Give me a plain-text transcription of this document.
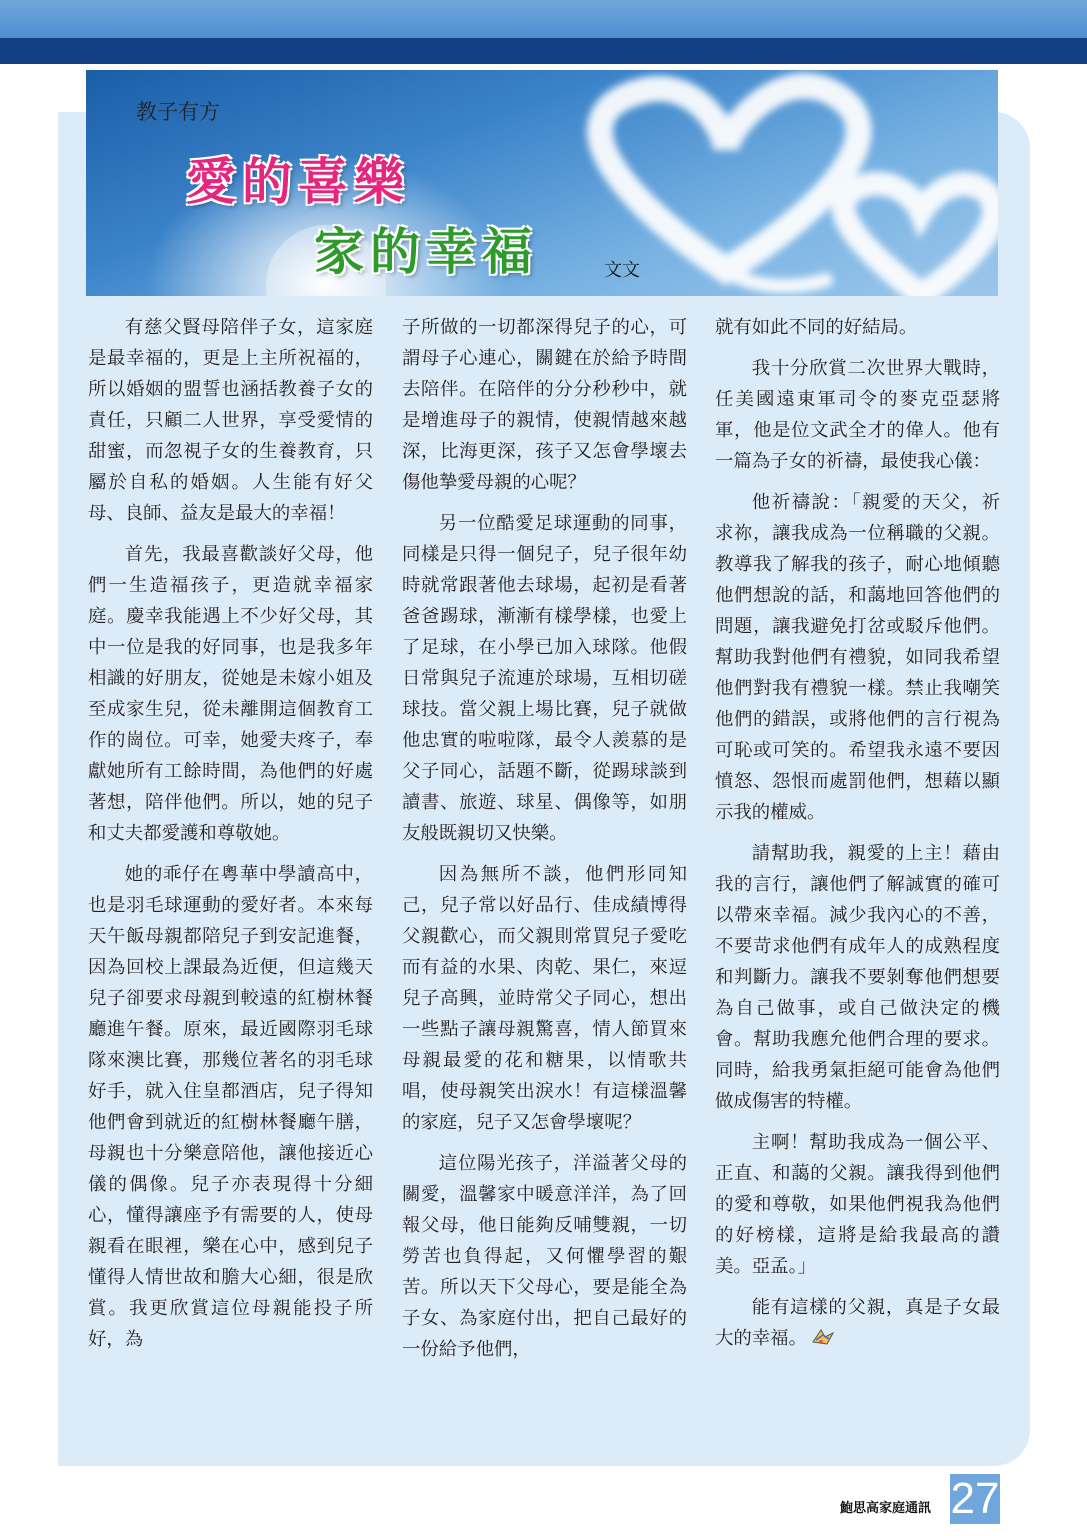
教子有方
愛的喜樂
家的幸福	文文

有慈父賢母陪伴子女，這家庭是最幸福的，更是上主所祝福的，所以婚姻的盟誓也涵括教養子女的責任，只顧二人世界，享受愛情的甜蜜，而忽視子女的生養教育，只屬於自私的婚姻。人生能有好父母、良師、益友是最大的幸福！

首先，我最喜歡談好父母，他們一生造福孩子，更造就幸福家庭。慶幸我能遇上不少好父母，其中一位是我的好同事，也是我多年相識的好朋友，從她是未嫁小姐及至成家生兒，從未離開這個教育工作的崗位。可幸，她愛夫疼子，奉獻她所有工餘時間，為他們的好處著想，陪伴他們。所以，她的兒子和丈夫都愛護和尊敬她。

她的乖仔在粵華中學讀高中，也是羽毛球運動的愛好者。本來每天午飯母親都陪兒子到安記進餐，因為回校上課最為近便，但這幾天兒子卻要求母親到較遠的紅樹林餐廳進午餐。原來，最近國際羽毛球隊來澳比賽，那幾位著名的羽毛球好手，就入住皇都酒店，兒子得知他們會到就近的紅樹林餐廳午膳，母親也十分樂意陪他，讓他接近心儀的偶像。兒子亦表現得十分細心，懂得讓座予有需要的人，使母親看在眼裡，樂在心中，感到兒子懂得人情世故和膽大心細，很是欣賞。我更欣賞這位母親能投子所好，為

子所做的一切都深得兒子的心，可謂母子心連心，關鍵在於給予時間去陪伴。在陪伴的分分秒秒中，就是增進母子的親情，使親情越來越深，比海更深，孩子又怎會學壞去傷他摯愛母親的心呢？

另一位酷愛足球運動的同事，同樣是只得一個兒子，兒子很年幼時就常跟著他去球場，起初是看著爸爸踢球，漸漸有樣學樣，也愛上了足球，在小學已加入球隊。他假日常與兒子流連於球場，互相切磋球技。當父親上場比賽，兒子就做他忠實的啦啦隊，最令人羨慕的是父子同心，話題不斷，從踢球談到讀書、旅遊、球星、偶像等，如朋友般既親切又快樂。

因為無所不談，他們形同知己，兒子常以好品行、佳成績博得父親歡心，而父親則常買兒子愛吃而有益的水果、肉乾、果仁，來逗兒子高興，並時常父子同心，想出一些點子讓母親驚喜，情人節買來母親最愛的花和糖果，以情歌共唱，使母親笑出淚水！有這樣溫馨的家庭，兒子又怎會學壞呢？

這位陽光孩子，洋溢著父母的關愛，溫馨家中暖意洋洋，為了回報父母，他日能夠反哺雙親，一切勞苦也負得起，又何懼學習的艱苦。所以天下父母心，要是能全為子女、為家庭付出，把自己最好的一份給予他們，

就有如此不同的好結局。

我十分欣賞二次世界大戰時，任美國遠東軍司令的麥克亞瑟將軍，他是位文武全才的偉人。他有一篇為子女的祈禱，最使我心儀：

他祈禱說：「親愛的天父，祈求祢，讓我成為一位稱職的父親。教導我了解我的孩子，耐心地傾聽他們想說的話，和藹地回答他們的問題，讓我避免打岔或駁斥他們。幫助我對他們有禮貌，如同我希望他們對我有禮貌一樣。禁止我嘲笑他們的錯誤，或將他們的言行視為可恥或可笑的。希望我永遠不要因憤怒、怨恨而處罰他們，想藉以顯示我的權威。

請幫助我，親愛的上主！藉由我的言行，讓他們了解誠實的確可以帶來幸福。減少我內心的不善，不要苛求他們有成年人的成熟程度和判斷力。讓我不要剝奪他們想要為自己做事，或自己做決定的機會。幫助我應允他們合理的要求。同時，給我勇氣拒絕可能會為他們做成傷害的特權。

主啊！幫助我成為一個公平、正直、和藹的父親。讓我得到他們的愛和尊敬，如果他們視我為他們的好榜樣，這將是給我最高的讚美。亞孟。」

能有這樣的父親，真是子女最大的幸福。

鮑思高家庭通訊 27
